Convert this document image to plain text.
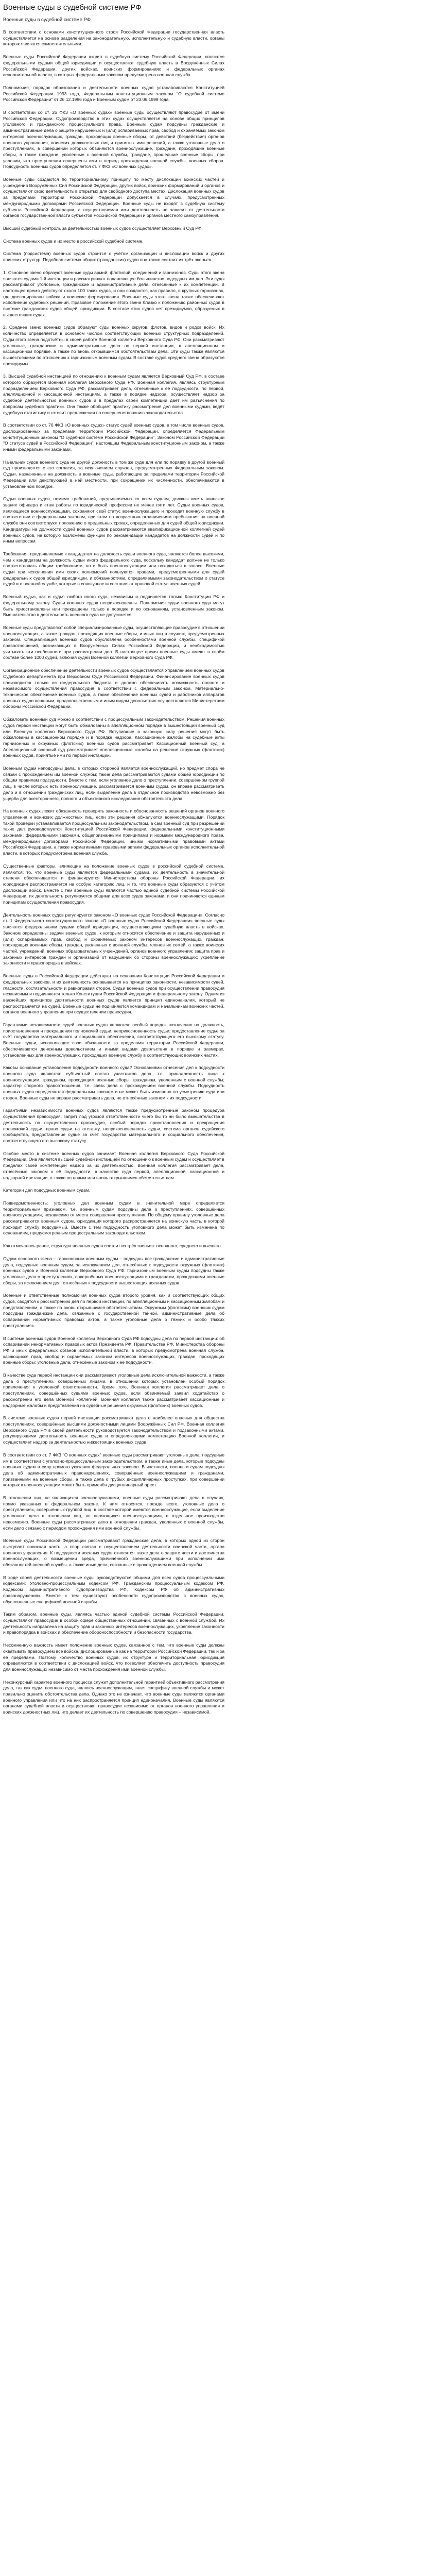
Военные суды в судебной системе РФ

Военные суды в судебной системе РФ

В соответствии с основами конституционного строя Российской Федерации государственная власть осуществляется на основе разделения на законодательную, исполнительную и судебную власти, органы которых являются самостоятельными.

Военные суды Российской Федерации входят в судебную систему Российской Федерации, являются федеральными судами общей юрисдикции и осуществляют судебную власть в Вооружённых Силах Российской Федерации, других войсках, воинских формированиях и федеральных органах исполнительной власти, в которых федеральным законом предусмотрена военная служба.

Полномочия, порядок образования и деятельности военных судов устанавливаются Конституцией Российской Федерации 1993 года, Федеральным конституционным законом "О судебной системе Российской Федерации" от 26.12.1996 года и Военным судом от 23.06.1999 года.

В соответствии со ст. 26 ФКЗ «О военных судах» военные суды осуществляют правосудие от имени Российской Федерации. Судопроизводство в этих судах осуществляется на основе общих принципов уголовного и гражданского процессуального права. Военным судам подсудны гражданские и административные дела о защите нарушенных и (или) оспариваемых прав, свобод и охраняемых законом интересов военнослужащих, граждан, проходящих военные сборы, от действий (бездействия) органов военного управления, воинских должностных лиц и принятых ими решений, а также уголовные дела о преступлениях, в совершении которых обвиняются военнослужащие, граждане, проходящие военные сборы, а также граждане, уволенные с военной службы, граждане, прошедшие военные сборы, при условии, что преступления совершены ими в период прохождения военной службы, военных сборов. Подсудность военных судов определяется ст. 7 ФКЗ «О военных судах».

Военные суды создаются по территориальному принципу по месту дислокации воинских частей и учреждений Вооружённых Сил Российской Федерации, других войск, воинских формирований и органов и осуществляют свою деятельность в открытых для свободного доступа местах. Дислокация военных судов за пределами территории Российской Федерации допускается в случаях, предусмотренных международными договорами Российской Федерации. Военные суды не входят в судебную систему субъекта Российской Федерации, а осуществляемая ими деятельность не зависит от деятельности органов государственной власти субъектов Российской Федерации и органов местного самоуправления.

Высший судебный контроль за деятельностью военных судов осуществляет Верховный Суд РФ.

Система военных судов и их место в российской судебной системе.

Система (подсистема) военных судов строится с учётом организации и дислокации войск и других воинских структур. Подобная система общих (гражданских) судов она также состоит из трёх звеньев.

1. Основное звено образуют военные суды армий, флотилий, соединений и гарнизонов. Суды этого звена являются судами 1-й инстанции и рассматривают подавляющее большинство подсудных им дел. Эти суды рассматривают уголовные, гражданские и административные дела, отнесённые к их компетенции. В настоящее время действуют около 100 таких судов, и они создаются, как правило, в крупных гарнизонах, где дислоцированы войска и воинские формирования. Военные суды этого звена также обеспечивают исполнение судебных решений. Правовое положение этого звена близко к положению районных судов в системе гражданских судов общей юрисдикции. В составе этих судов нет президиумов, образуемых в вышестоящих судах.

2. Среднее звено военных судов образуют суды военных округов, флотов, видов и родов войск. Их количество определяется в основном числом соответствующих военных структурных подразделений. Суды этого звена подотчётны в своей работе Военной коллегии Верховного Суда РФ. Они рассматривают уголовные, гражданские и административные дела по первой инстанции, в апелляционном и кассационном порядке, а также по вновь открывшимся обстоятельствам дела. Эти суды также являются вышестоящими по отношению к гарнизонным военным судам. В составе судов среднего звена образуются президиумы.

3. Высшей судебной инстанцией по отношению к военным судам является Верховный Суд РФ, в составе которого образуется Военная коллегия Верховного Суда РФ. Военная коллегия, являясь структурным подразделением Верховного Суда РФ, рассматривает дела, отнесённые к её подсудности, по первой, апелляционной и кассационной инстанциям, а также в порядке надзора, осуществляет надзор за судебной деятельностью военных судов и в пределах своей компетенции даёт им разъяснения по вопросам судебной практики. Она также обобщает практику рассмотрения дел военными судами, ведёт судебную статистику и готовит предложения по совершенствованию законодательства.

В соответствии со ст. 76 ФКЗ «О военных судах» статус судей военных судов, в том числе военных судов, дислоцированных за пределами территории Российской Федерации, определяется Федеральным конституционным законом "О судебной системе Российской Федерации", Законом Российской Федерации "О статусе судей в Российской Федерации", настоящим Федеральным конституционным законом, а также иными федеральными законами.

Начальник судов военного суда не другой должность в том же суде для или по порядку в другой военный суд производятся с его согласия, за исключением случаев, предусмотренных Федеральным законом. Судьи, назначенные на должность в военные суды, работающие за пределами территории Российской Федерации или действующей в ней местности, при сокращении их численности, обеспечиваются в установленном порядке.

Судьи военных судов, помимо требований, предъявляемых ко всем судьям, должны иметь воинское звание офицера и стаж работы по юридической профессии не менее пяти лет. Судьи военных судов, являющиеся военнослужащими, сохраняют свой статус военнослужащего и проходят военную службу в соответствии с федеральным законом, при этом по возрастным ограничениям пребывания на военной службе они соответствуют положению о предельных сроках, определенных для судей общей юрисдикции. Кандидатуры на должности судей военных судов рассматриваются квалификационной коллегией судей военных судов, на которую возложены функции по рекомендации кандидатов на должности судей и по иным вопросам.

Требования, предъявляемые к кандидатам на должность судьи военного суда, являются более высокими, чем к кандидатам на должность судьи иного федерального суда, поскольку кандидат должен не только соответствовать общим требованиям, но и быть военнослужащим или находиться в запасе. Военные судьи при исполнении ими своих полномочий пользуются правами, предусмотренными для судей федеральных судов общей юрисдикции, и обязанностями, определяемыми законодательством о статусе судей и о военной службе, которые в совокупности составляют правовой статус военных судей.

Военный судья, как и судья любого иного суда, независим и подчиняется только Конституции РФ и федеральному закону. Судьи военных судов неприкосновенны. Полномочия судьи военного суда могут быть приостановлены или прекращены только в порядке и по основаниям, установленным законом. Вмешательство в деятельность военного суда не допускается.

Военные суды представляют собой специализированные суды, осуществляющие правосудие в отношении военнослужащих, а также граждан, проходящих военные сборы, и иных лиц в случаях, предусмотренных законом. Специализация военных судов обусловлена особенностями военной службы, спецификой правоотношений, возникающих в Вооружённых Силах Российской Федерации, и необходимостью учитывать эти особенности при рассмотрении дел. В настоящее время военные суды имеют в своём составе более 1000 судей, включая судей Военной коллегии Верховного Суда РФ.

Организационное обеспечение деятельности военных судов осуществляется Управлением военных судов Судебного департамента при Верховном Суде Российской Федерации. Финансирование военных судов производится только из федерального бюджета и должно обеспечивать возможность полного и независимого осуществления правосудия в соответствии с федеральным законом. Материально-техническое обеспечение военных судов, а также обеспечение военных судей и работников аппаратов военных судов вещевым, продовольственным и иным видам довольствия осуществляется Министерством обороны Российской Федерации.

Обжаловать военный суд можно в соответствии с процессуальным законодательством. Решения военных судов первой инстанции могут быть обжалованы в апелляционном порядке в вышестоящий военный суд или Военную коллегию Верховного Суда РФ. Вступившие в законную силу решения могут быть обжалованы в кассационном порядке и в порядке надзора. Кассационные жалобы на судебные акты гарнизонных и окружных (флотских) военных судов рассматривает Кассационный военный суд, а Апелляционный военный суд рассматривает апелляционные жалобы на решения окружных (флотских) военных судов, принятые ими по первой инстанции.

Военным судам неподсудны дела, в которых стороной является военнослужащий, но предмет спора не связан с прохождением им военной службы; такие дела рассматриваются судами общей юрисдикции по общим правилам подсудности. Вместе с тем, если уголовное дело о преступлении, совершённом группой лиц, в числе которых есть военнослужащие, рассматривается военным судом, он вправе рассматривать дело и в отношении гражданских лиц, если выделение дела в отдельное производство невозможно без ущерба для всестороннего, полного и объективного исследования обстоятельств дела.

На военных судах лежит обязанность проверять законность и обоснованность решений органов военного управления и воинских должностных лиц, если эти решения обжалуются военнослужащими. Порядок такой проверки устанавливается процессуальным законодательством, а сам военный суд при разрешении таких дел руководствуется Конституцией Российской Федерации, федеральными конституционными законами, федеральными законами, общепризнанными принципами и нормами международного права, международными договорами Российской Федерации, иными нормативными правовыми актами Российской Федерации, а также нормативными правовыми актами федеральных органов исполнительной власти, в которых предусмотрена военная служба.

Существенные факторы, влияющие на положение военных судов в российской судебной системе, являются: то, что военные суды являются федеральными судами, их деятельность в значительной степени обеспечивается и финансируется Министерством обороны Российской Федерации, их юрисдикция распространяется на особую категорию лиц, и то, что военные суды образуются с учётом дислокации войск. Вместе с тем военные суды являются частью единой судебной системы Российской Федерации, их деятельность регулируется общими для всех судов законами, и они подчиняются единым принципам осуществления правосудия.

Деятельность военных судов регулируется законом «О военных судах Российской Федерации». Согласно ст. 1 Федерального конституционного закона «О военных судах Российской Федерации» военные суды являются федеральными судами общей юрисдикции, осуществляющими судебную власть в войсках. Законом определены задачи военных судов, к которым относятся обеспечение и защита нарушенных и (или) оспариваемых прав, свобод и охраняемых законом интересов военнослужащих, граждан, проходящих военные сборы, граждан, уволенных с военной службы, членов их семей, а также воинских частей, учреждений, военных образовательных учреждений, органов военного управления; защита прав и законных интересов граждан и организаций от нарушений со стороны военнослужащих; укрепление законности и правопорядка в войсках.

Военные суды в Российской Федерации действуют на основании Конституции Российской Федерации и федеральных законов, и их деятельность основывается на принципах законности, независимости судей, гласности, состязательности и равноправия сторон. Судьи военных судов при осуществлении правосудия независимы и подчиняются только Конституции Российской Федерации и федеральному закону. Одним из важнейших принципов деятельности военных судов является принцип единоначалия, который не распространяется на судей. Военные судьи не подчиняются командирам и начальникам воинских частей, органов военного управления при осуществлении правосудия.

Гарантиями независимости судей военных судов являются: особый порядок назначения на должность, приостановления и прекращения полномочий судьи; неприкосновенность судьи; предоставление судье за счёт государства материального и социального обеспечения, соответствующего его высокому статусу. Военные судьи, исполняющие свои обязанности за пределами территории Российской Федерации, обеспечиваются денежным довольствием и иными видами довольствия в порядке и размерах, установленных для военнослужащих, проходящих военную службу в соответствующих воинских частях.

Каковы основания установления подсудности военного суда? Основаниями отнесения дел к подсудности военного суда являются: субъектный состав участников дела, т.е. принадлежность лица к военнослужащим, гражданам, проходящим военные сборы, гражданам, уволенным с военной службы; характер спорного правоотношения, т.е. связь дела с прохождением военной службы. Подсудность военных судов определяется федеральным законом и не может быть изменена по усмотрению суда или сторон. Военные суды не вправе рассматривать дела, не отнесённые законом к их подсудности.

Гарантиями независимости военных судов являются также предусмотренные законом процедура осуществления правосудия, запрет под угрозой ответственности чьего бы то ни было вмешательства в деятельность по осуществлению правосудия, особый порядок приостановления и прекращения полномочий судьи, право судьи на отставку, неприкосновенность судьи, система органов судейского сообщества, предоставление судье за счёт государства материального и социального обеспечения, соответствующего его высокому статусу.

Особое место в системе военных судов занимает Военная коллегия Верховного Суда Российской Федерации. Она является высшей судебной инстанцией по отношению к военным судам и осуществляет в пределах своей компетенции надзор за их деятельностью. Военная коллегия рассматривает дела, отнесённые законом к её подсудности, в качестве суда первой, апелляционной, кассационной и надзорной инстанции, а также по новым или вновь открывшимся обстоятельствам.

Категории дел подсудных военным судам.

Подведомственность: уголовных дел военным судам в значительной мере определяется территориальным признаком, т.е. военным судам подсудны дела о преступлениях, совершённых военнослужащими, независимо от места совершения преступления. По общему правилу уголовные дела рассматриваются военным судом, юрисдикция которого распространяется на воинскую часть, в которой проходит службу подсудимый. Вместе с тем подсудность уголовного дела может быть изменена по основаниям, предусмотренным процессуальным законодательством.

Как отмечалось ранее, структура военных судов состоит из трёх звеньев: основного, среднего и высшего.

Судам основного звена – гарнизонным военным судам – подсудны все гражданские и административные дела, подсудные военным судам, за исключением дел, отнесённых к подсудности окружных (флотских) военных судов и Военной коллегии Верховного Суда РФ. Гарнизонным военным судам подсудны также уголовные дела о преступлениях, совершённых военнослужащими и гражданами, проходящими военные сборы, за исключением дел, отнесённых к подсудности вышестоящих военных судов.

Военные и ответственные полномочия военных судов второго уровня, как и соответствующих общих судов, сводятся к рассмотрению дел по первой инстанции, по апелляционным и кассационным жалобам и представлениям, а также по вновь открывшимся обстоятельствам. Окружным (флотским) военным судам подсудны гражданские дела, связанные с государственной тайной, административные дела об оспаривании нормативных правовых актов, а также уголовные дела о тяжких и особо тяжких преступлениях.

В системе военных судов Военной коллегии Верховного Суда РФ подсудны дела по первой инстанции: об оспаривании ненормативных правовых актов Президента РФ, Правительства РФ, Министерства обороны РФ и иных федеральных органов исполнительной власти, в которых предусмотрена военная служба, касающихся прав, свобод и охраняемых законом интересов военнослужащих, граждан, проходящих военные сборы; уголовные дела, отнесённые законом к её подсудности.

В качестве суда первой инстанции они рассматривают уголовные дела исключительной важности, а также дела о преступлениях, совершённых лицами, в отношении которых установлен особый порядок привлечения к уголовной ответственности. Кроме того, Военная коллегия рассматривает дела о преступлениях, совершённых судьями военных судов, если обвиняемый заявил ходатайство о рассмотрении его дела Военной коллегией. Военная коллегия также рассматривает кассационные и надзорные жалобы и представления на судебные решения окружных (флотских) военных судов.

В системе военных судов первой инстанции рассматривают дела о наиболее опасных для общества преступлениях, совершённых высшими должностными лицами Вооружённых Сил РФ. Военная коллегия Верховного Суда РФ в своей деятельности руководствуется законодательством и подзаконными актами, регулирующими деятельность военных судов и определяющими компетенцию Военной коллегии, и осуществляет надзор за деятельностью нижестоящих военных судов.

В соответствии со ст. 7 ФКЗ "О военных судах" военные суды рассматривают уголовные дела, подсудные им в соответствии с уголовно-процессуальным законодательством, а также иные дела, которые подсудны военным судам в силу прямого указания федеральных законов. В частности, военным судам подсудны дела об административных правонарушениях, совершённых военнослужащими и гражданами, призванными на военные сборы, а также дела о грубых дисциплинарных проступках, при совершении которых к военнослужащим может быть применён дисциплинарный арест.

В отношении лиц, не являющихся военнослужащими, военные суды рассматривают дела в случаях, прямо указанных в федеральном законе. К ним относятся, прежде всего, уголовные дела о преступлениях, совершённых группой лиц, в составе которой имеются военнослужащие, если выделение уголовного дела в отношении лиц, не являющихся военнослужащими, в отдельное производство невозможно. Военные суды рассматривают дела в отношении граждан, уволенных с военной службы, если дело связано с периодом прохождения ими военной службы.

Военные суды Российской Федерации рассматривают гражданские дела, в которых одной из сторон выступает воинская часть, а спор связан с осуществлением деятельности воинской части, органа военного управления. К подсудности военных судов относятся также дела о защите чести и достоинства военнослужащих, о возмещении вреда, причинённого военнослужащими при исполнении ими обязанностей военной службы, а также иные дела, связанные с прохождением военной службы.

В ходе своей деятельности военные суды руководствуются общими для всех судов процессуальными кодексами: Уголовно-процессуальным кодексом РФ, Гражданским процессуальным кодексом РФ, Кодексом административного судопроизводства РФ, Кодексом РФ об административных правонарушениях. Вместе с тем существуют особенности судопроизводства в военных судах, обусловленные спецификой военной службы.

Таким образом, военные суды, являясь частью единой судебной системы Российской Федерации, осуществляют правосудие в особой сфере общественных отношений, связанных с военной службой. Их деятельность направлена на защиту прав и законных интересов военнослужащих, укрепление законности и правопорядка в войсках и обеспечение обороноспособности и безопасности государства.

Несомненную важность имеет положение военных судов, связанное с тем, что военные суды должны охватывать правосудием все войска, дислоцированные как на территории Российской Федерации, так и за её пределами. Поэтому количество военных судов, их структура и территориальная юрисдикция определяются в соответствии с дислокацией войск, что позволяет обеспечить доступность правосудия для военнослужащих независимо от места прохождения ими военной службы.

Неконкурсный характер военного процесса служит дополнительной гарантией объективного рассмотрения дела, так как судья военного суда, являясь военнослужащим, знает специфику военной службы и может правильно оценить обстоятельства дела. Однако это не означает, что военные суды являются органами военного управления или что на них распространяется принцип единоначалия. Военные суды являются органами судебной власти и осуществляют правосудие независимо от органов военного управления и воинских должностных лиц, что делает их деятельность по совершению правосудия – независимой.
